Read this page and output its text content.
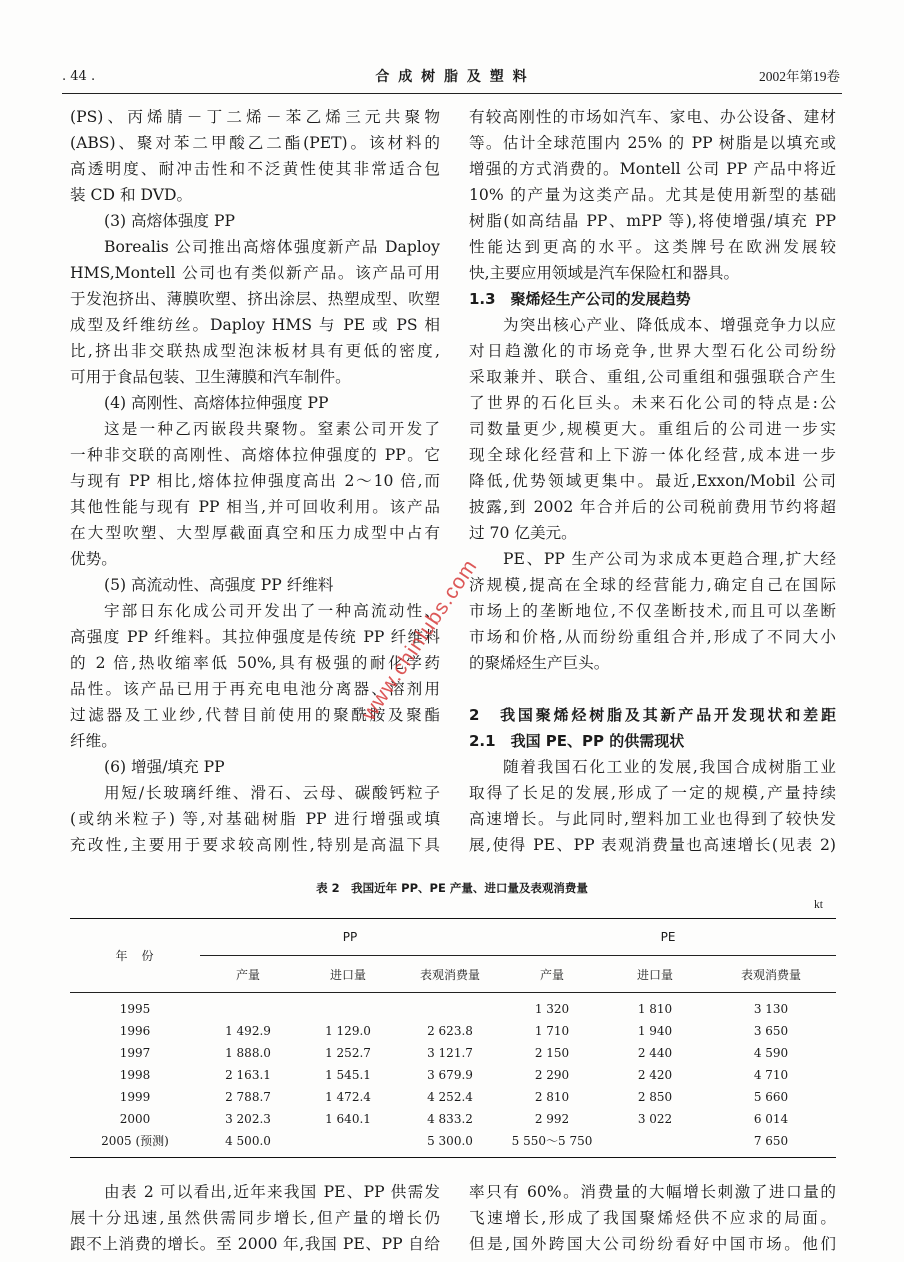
. 44 .	合 成 树 脂 及 塑 料	2002年第19卷
(PS)、丙烯腈－丁二烯－苯乙烯三元共聚物
(ABS)、聚对苯二甲酸乙二酯(PET)。该材料的
高透明度、耐冲击性和不泛黄性使其非常适合包
装 CD 和 DVD。
(3) 高熔体强度 PP
Borealis 公司推出高熔体强度新产品 Daploy
HMS,Montell 公司也有类似新产品。该产品可用
于发泡挤出、薄膜吹塑、挤出涂层、热塑成型、吹塑
成型及纤维纺丝。Daploy HMS 与 PE 或 PS 相
比,挤出非交联热成型泡沫板材具有更低的密度,
可用于食品包装、卫生薄膜和汽车制件。
(4) 高刚性、高熔体拉伸强度 PP
这是一种乙丙嵌段共聚物。窒素公司开发了
一种非交联的高刚性、高熔体拉伸强度的 PP。它
与现有 PP 相比,熔体拉伸强度高出 2～10 倍,而
其他性能与现有 PP 相当,并可回收利用。该产品
在大型吹塑、大型厚截面真空和压力成型中占有
优势。
(5) 高流动性、高强度 PP 纤维料
宇部日东化成公司开发出了一种高流动性、
高强度 PP 纤维料。其拉伸强度是传统 PP 纤维料
的 2 倍,热收缩率低 50%,具有极强的耐化学药
品性。该产品已用于再充电电池分离器、溶剂用
过滤器及工业纱,代替目前使用的聚酰胺及聚酯
纤维。
(6) 增强/填充 PP
用短/长玻璃纤维、滑石、云母、碳酸钙粒子
(或纳米粒子) 等,对基础树脂 PP 进行增强或填
充改性,主要用于要求较高刚性,特别是高温下具
有较高刚性的市场如汽车、家电、办公设备、建材
等。估计全球范围内 25% 的 PP 树脂是以填充或
增强的方式消费的。Montell 公司 PP 产品中将近
10% 的产量为这类产品。尤其是使用新型的基础
树脂(如高结晶 PP、mPP 等),将使增强/填充 PP
性能达到更高的水平。这类牌号在欧洲发展较
快,主要应用领域是汽车保险杠和器具。
1.3　聚烯烃生产公司的发展趋势
为突出核心产业、降低成本、增强竞争力以应
对日趋激化的市场竞争,世界大型石化公司纷纷
采取兼并、联合、重组,公司重组和强强联合产生
了世界的石化巨头。未来石化公司的特点是:公
司数量更少,规模更大。重组后的公司进一步实
现全球化经营和上下游一体化经营,成本进一步
降低,优势领域更集中。最近,Exxon/Mobil 公司
披露,到 2002 年合并后的公司税前费用节约将超
过 70 亿美元。
PE、PP 生产公司为求成本更趋合理,扩大经
济规模,提高在全球的经营能力,确定自己在国际
市场上的垄断地位,不仅垄断技术,而且可以垄断
市场和价格,从而纷纷重组合并,形成了不同大小
的聚烯烃生产巨头。
2　我国聚烯烃树脂及其新产品开发现状和差距
2.1　我国 PE、PP 的供需现状
随着我国石化工业的发展,我国合成树脂工业
取得了长足的发展,形成了一定的规模,产量持续
高速增长。与此同时,塑料加工业也得到了较快发
展,使得 PE、PP 表观消费量也高速增长(见表 2)
表 2　我国近年 PP、PE 产量、进口量及表观消费量
kt
年　份	PP			PE		
	产量	进口量	表观消费量	产量	进口量	表观消费量
1995				1 320	1 810	3 130
1996	1 492.9	1 129.0	2 623.8	1 710	1 940	3 650
1997	1 888.0	1 252.7	3 121.7	2 150	2 440	4 590
1998	2 163.1	1 545.1	3 679.9	2 290	2 420	4 710
1999	2 788.7	1 472.4	4 252.4	2 810	2 850	5 660
2000	3 202.3	1 640.1	4 833.2	2 992	3 022	6 014
2005 (预测)	4 500.0		5 300.0	5 550～5 750		7 650
由表 2 可以看出,近年来我国 PE、PP 供需发
展十分迅速,虽然供需同步增长,但产量的增长仍
跟不上消费的增长。至 2000 年,我国 PE、PP 自给
率只有 60%。消费量的大幅增长刺激了进口量的
飞速增长,形成了我国聚烯烃供不应求的局面。
但是,国外跨国大公司纷纷看好中国市场。他们
www.chinlubs.com
